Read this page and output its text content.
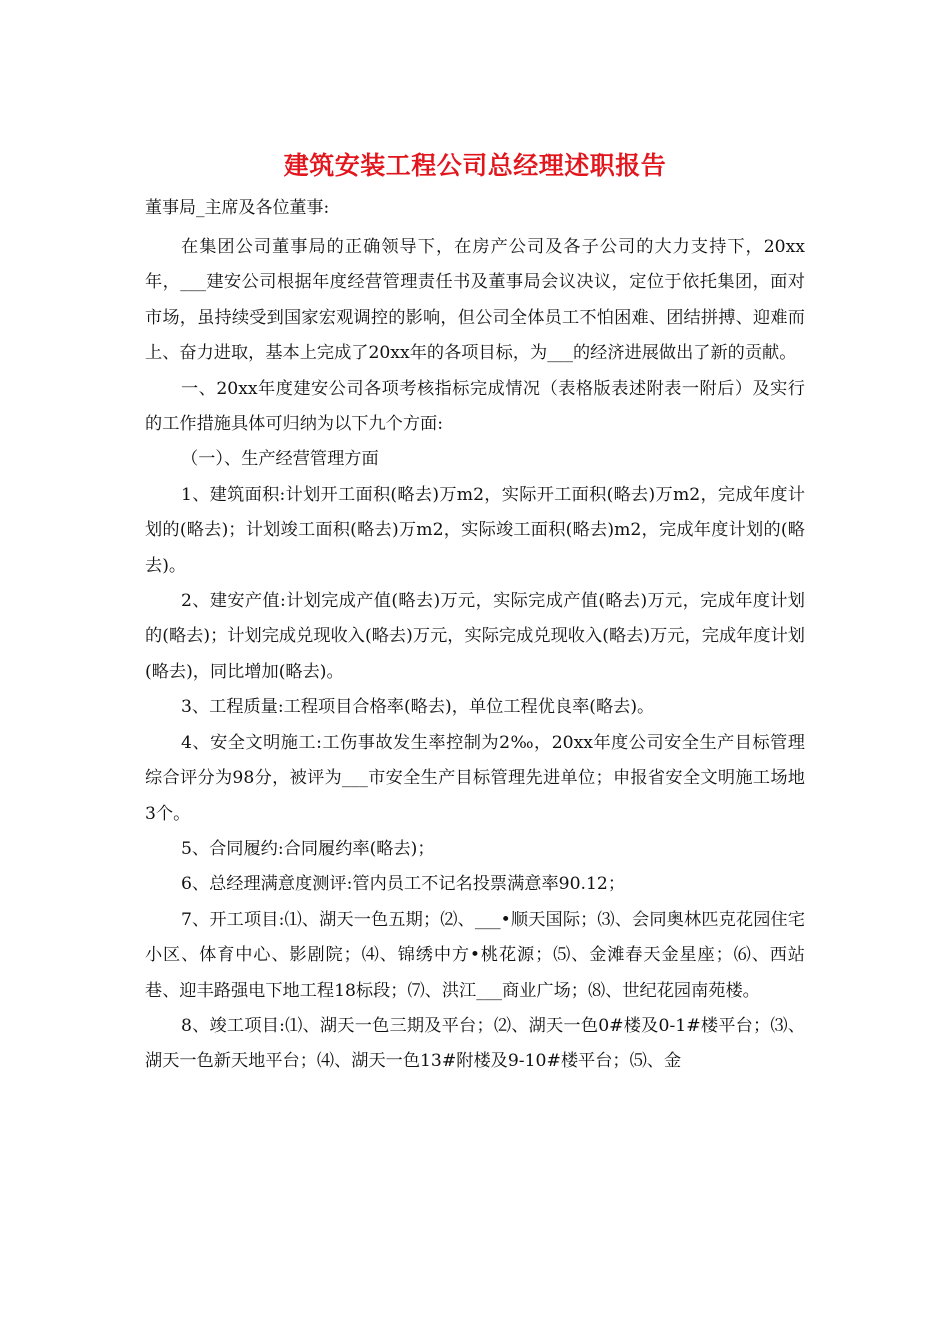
建筑安装工程公司总经理述职报告
董事局_主席及各位董事:

在集团公司董事局的正确领导下，在房产公司及各子公司的大力支持下，20xx年，___建安公司根据年度经营管理责任书及董事局会议决议，定位于依托集团，面对市场，虽持续受到国家宏观调控的影响，但公司全体员工不怕困难、团结拼搏、迎难而上、奋力进取，基本上完成了20xx年的各项目标，为___的经济进展做出了新的贡献。

一、20xx年度建安公司各项考核指标完成情况（表格版表述附表一附后）及实行的工作措施具体可归纳为以下九个方面:

（一）、生产经营管理方面

1、建筑面积:计划开工面积(略去)万m2，实际开工面积(略去)万m2，完成年度计划的(略去)；计划竣工面积(略去)万m2，实际竣工面积(略去)m2，完成年度计划的(略去)。

2、建安产值:计划完成产值(略去)万元，实际完成产值(略去)万元，完成年度计划的(略去)；计划完成兑现收入(略去)万元，实际完成兑现收入(略去)万元，完成年度计划(略去)，同比增加(略去)。

3、工程质量:工程项目合格率(略去)，单位工程优良率(略去)。

4、安全文明施工:工伤事故发生率控制为2‰，20xx年度公司安全生产目标管理综合评分为98分，被评为___市安全生产目标管理先进单位；申报省安全文明施工场地3个。

5、合同履约:合同履约率(略去)；

6、总经理满意度测评:管内员工不记名投票满意率90.12；

7、开工项目:⑴、湖天一色五期；⑵、___•顺天国际；⑶、会同奥林匹克花园住宅小区、体育中心、影剧院；⑷、锦绣中方•桃花源；⑸、金滩春天金星座；⑹、西站巷、迎丰路强电下地工程18标段；⑺、洪江___商业广场；⑻、世纪花园南苑楼。

8、竣工项目:⑴、湖天一色三期及平台；⑵、湖天一色0#楼及0-1#楼平台；⑶、湖天一色新天地平台；⑷、湖天一色13#附楼及9-10#楼平台；⑸、金
